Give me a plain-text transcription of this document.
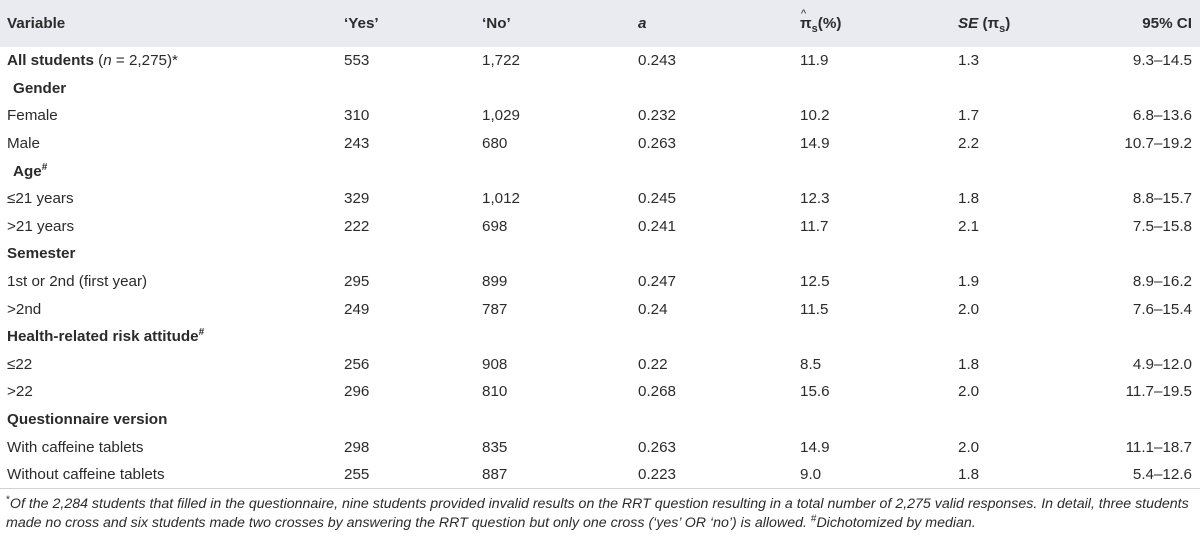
Variable	‘Yes’	‘No’	a	^ $\pi_s(\%)$	SE $(\pi_s)$	95% CI
All students (n = 2,275)*	553	1,722	0.243	11.9	1.3	9.3–14.5
Gender						
Female	310	1,029	0.232	10.2	1.7	6.8–13.6
Male	243	680	0.263	14.9	2.2	10.7–19.2
Age#						
≤21 years	329	1,012	0.245	12.3	1.8	8.8–15.7
>21 years	222	698	0.241	11.7	2.1	7.5–15.8
Semester						
1st or 2nd (first year)	295	899	0.247	12.5	1.9	8.9–16.2
>2nd	249	787	0.24	11.5	2.0	7.6–15.4
Health-related risk attitude#						
≤22	256	908	0.22	8.5	1.8	4.9–12.0
>22	296	810	0.268	15.6	2.0	11.7–19.5
Questionnaire version						
With caffeine tablets	298	835	0.263	14.9	2.0	11.1–18.7
Without caffeine tablets	255	887	0.223	9.0	1.8	5.4–12.6

*Of the 2,284 students that filled in the questionnaire, nine students provided invalid results on the RRT question resulting in a total number of 2,275 valid responses. In detail, three students made no cross and six students made two crosses by answering the RRT question but only one cross (‘yes’ OR ‘no’) is allowed. #Dichotomized by median.
